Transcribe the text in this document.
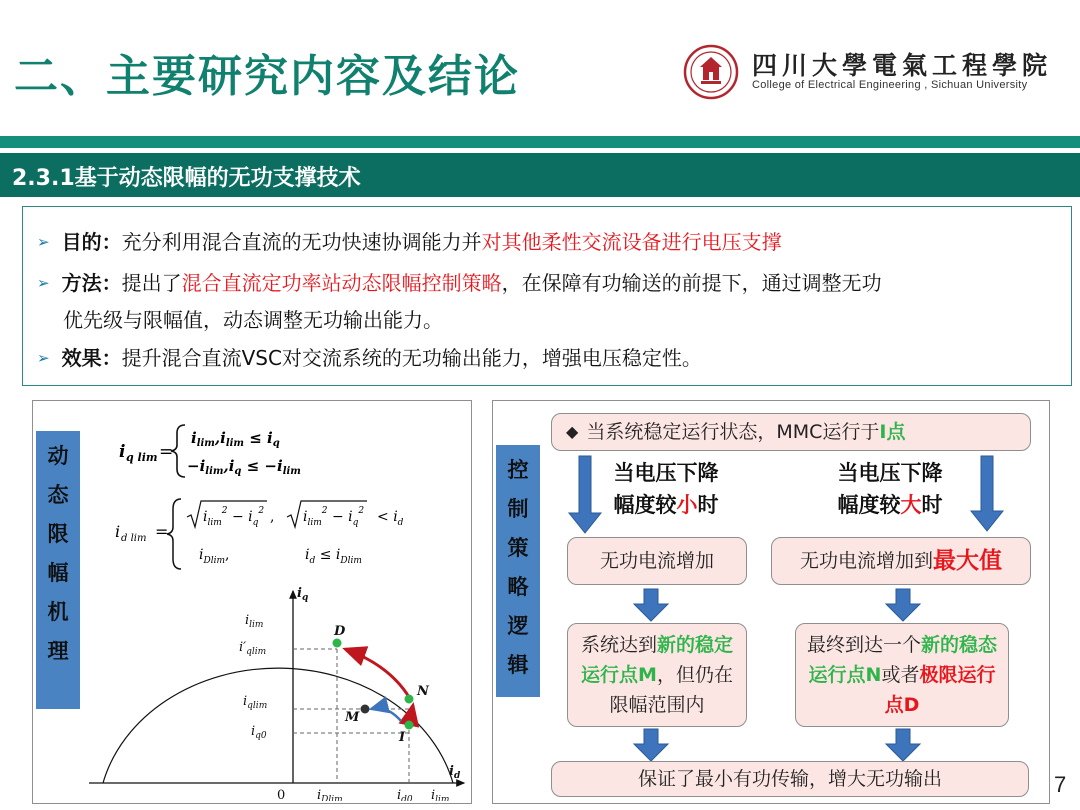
二、主要研究内容及结论	四川大學電氣工程學院
College of Electrical Engineering , Sichuan University
2.3.1基于动态限幅的无功支撑技术
➢ 目的：充分利用混合直流的无功快速协调能力并对其他柔性交流设备进行电压支撑
➢ 方法：提出了混合直流定功率站动态限幅控制策略，在保障有功输送的前提下，通过调整无功
优先级与限幅值，动态调整无功输出能力。
➢ 效果：提升混合直流VSC对交流系统的无功输出能力，增强电压稳定性。
动
态
限
幅
机
理
i q lim =
$i_{lim},i_{lim} \le i_q$
$-i_{lim},i_q \le -i_{lim}$
i d lim =
$i_{lim}^2 - i_q^2$ , $i_{lim}^2 - i_q^2 < i_d$
$i_{Dlim}$,	$i_d \le i_{Dlim}$
$i_q$
$i_d$
$i_{lim}$
$i'_{qlim}$
$i_{qlim}$
$i_{q0}$
0 $i_{Dlim}$	$i_{d0}$ $i_{lim}$
D
N
M
I
控
制
策
略
逻
辑
◆ 当系统稳定运行状态，MMC运行于 I点
当电压下降
幅度较小时
当电压下降
幅度较大时
无功电流增加	无功电流增加到 最大值
系统达到新的稳定运行点M，但仍在限幅范围内
最终到达一个新的稳态运行点N或者极限运行点D
保证了最小有功传输，增大无功输出	7
